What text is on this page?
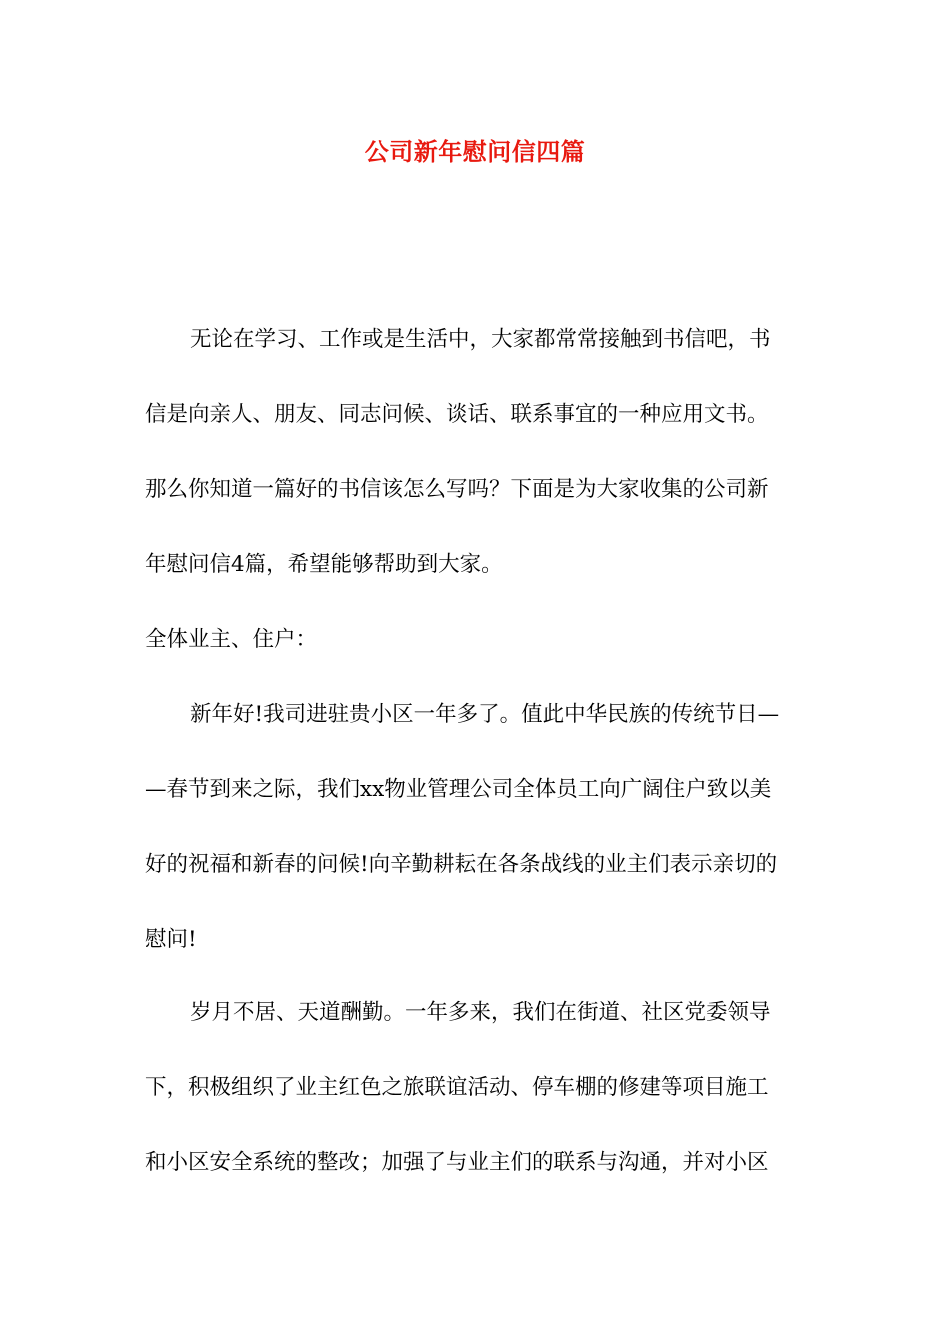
公司新年慰问信四篇
无论在学习、工作或是生活中，大家都常常接触到书信吧，书
信是向亲人、朋友、同志问候、谈话、联系事宜的一种应用文书。
那么你知道一篇好的书信该怎么写吗？下面是为大家收集的公司新
年慰问信4篇，希望能够帮助到大家。
全体业主、住户：
新年好!我司进驻贵小区一年多了。值此中华民族的传统节日—
—春节到来之际，我们xx物业管理公司全体员工向广阔住户致以美
好的祝福和新春的问候!向辛勤耕耘在各条战线的业主们表示亲切的
慰问!
岁月不居、天道酬勤。一年多来，我们在街道、社区党委领导
下，积极组织了业主红色之旅联谊活动、停车棚的修建等项目施工
和小区安全系统的整改；加强了与业主们的联系与沟通，并对小区
